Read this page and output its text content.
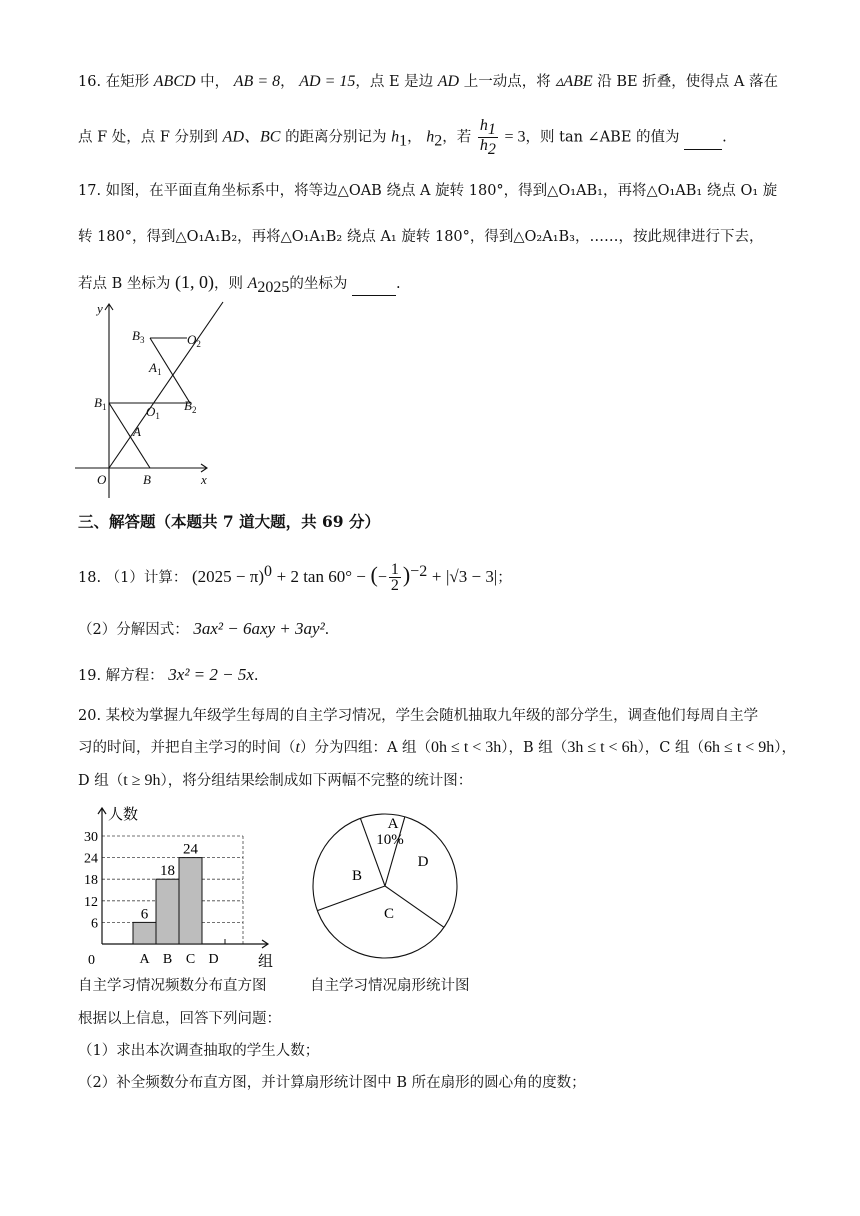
16. 在矩形 ABCD 中， AB = 8， AD = 15，点 E 是边 AD 上一动点，将 ▵ABE 沿 BE 折叠，使得点 A 落在
点 F 处，点 F 分别到 AD、BC 的距离分别记为 $h_1$， $h_2$，若 $\frac{h_1}{h_2} = 3$，则 tan ∠ABE 的值为	.
17. 如图，在平面直角坐标系中，将等边△OAB 绕点 A 旋转 180°，得到△O₁AB₁，再将△O₁AB₁ 绕点 O₁ 旋
转 180°，得到△O₁A₁B₂，再将△O₁A₁B₂ 绕点 A₁ 旋转 180°，得到△O₂A₁B₃，……，按此规律进行下去，
若点 B 坐标为 (1, 0)，则 $A_{2025}$的坐标为	.
y
x
O	B
A
$O_1$
$B_1$	$B_2$
$A_1$
$B_3$	$O_2$
三、解答题（本题共 7 道大题，共 69 分）
18. （1）计算： $(2025 - \pi)^0 + 2$ tan 60° − (− $\frac{1}{2} )^{-2} + |√3 - 3|$；
（2）分解因式： 3ax² − 6axy + 3ay².
19. 解方程： 3x² = 2 − 5x.
20. 某校为掌握九年级学生每周的自主学习情况，学生会随机抽取九年级的部分学生，调查他们每周自主学
习的时间，并把自主学习的时间（t）分为四组：A 组（0h ≤ t < 3h），B 组（3h ≤ t < 6h），C 组（6h ≤ t < 9h），
D 组（t ≥ 9h），将分组结果绘制成如下两幅不完整的统计图：
0
6
12
18
24
30
人数
组
A
6
B
18
C
24
D
A
10%
D
C
B
自主学习情况频数分布直方图	自主学习情况扇形统计图
根据以上信息，回答下列问题：
（1）求出本次调查抽取的学生人数；
（2）补全频数分布直方图，并计算扇形统计图中 B 所在扇形的圆心角的度数；
